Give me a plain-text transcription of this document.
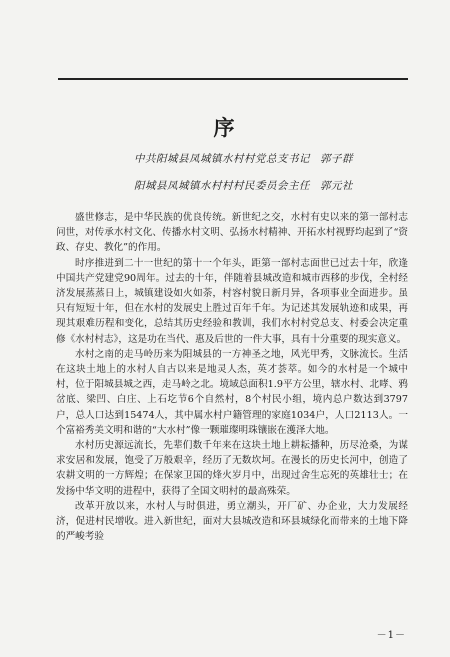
序
中共阳城县凤城镇水村村党总支书记 郭子群
阳城县凤城镇水村村村民委员会主任 郭元社

盛世修志，是中华民族的优良传统。新世纪之交，水村有史以来的第一部村志问世，对传承水村文化、传播水村文明、弘扬水村精神、开拓水村视野均起到了“资政、存史、教化”的作用。

时序推进到二十一世纪的第十一个年头，距第一部村志面世已过去十年，欣逢中国共产党建党90周年。过去的十年，伴随着县城改造和城市西移的步伐，全村经济发展蒸蒸日上，城镇建设如火如荼，村容村貌日新月异，各项事业全面进步。虽只有短短十年，但在水村的发展史上胜过百年千年。为记述其发展轨迹和成果，再现其艰难历程和变化，总结其历史经验和教训，我们水村村党总支、村委会决定重修《水村村志》，这是功在当代、惠及后世的一件大事，具有十分重要的现实意义。

水村之南的走马岭历来为阳城县的一方神圣之地，风光甲秀，文脉流长。生活在这块土地上的水村人自古以来是地灵人杰，英才荟萃。如今的水村是一个城中村，位于阳城县城之西，走马岭之北。境域总面积1.9平方公里，辖水村、北哮、鸦岔底、梁凹、白庄、上石圪节6个自然村，8个村民小组，境内总户数达到3797户，总人口达到15474人，其中属水村户籍管理的家庭1034户，人口2113人。一个富裕秀美文明和谐的“大水村”像一颗璀璨明珠镶嵌在濩泽大地。

水村历史源远流长，先辈们数千年来在这块土地上耕耘播种，历尽沧桑，为谋求安居和发展，饱受了万般艰辛，经历了无数坎坷。在漫长的历史长河中，创造了农耕文明的一方辉煌；在保家卫国的烽火岁月中，出现过舍生忘死的英雄壮士；在发扬中华文明的进程中，获得了全国文明村的最高殊荣。

改革开放以来，水村人与时俱进，勇立潮头，开厂矿、办企业，大力发展经济，促进村民增收。进入新世纪，面对大县城改造和环县城绿化而带来的土地下降的严峻考验

－1－
